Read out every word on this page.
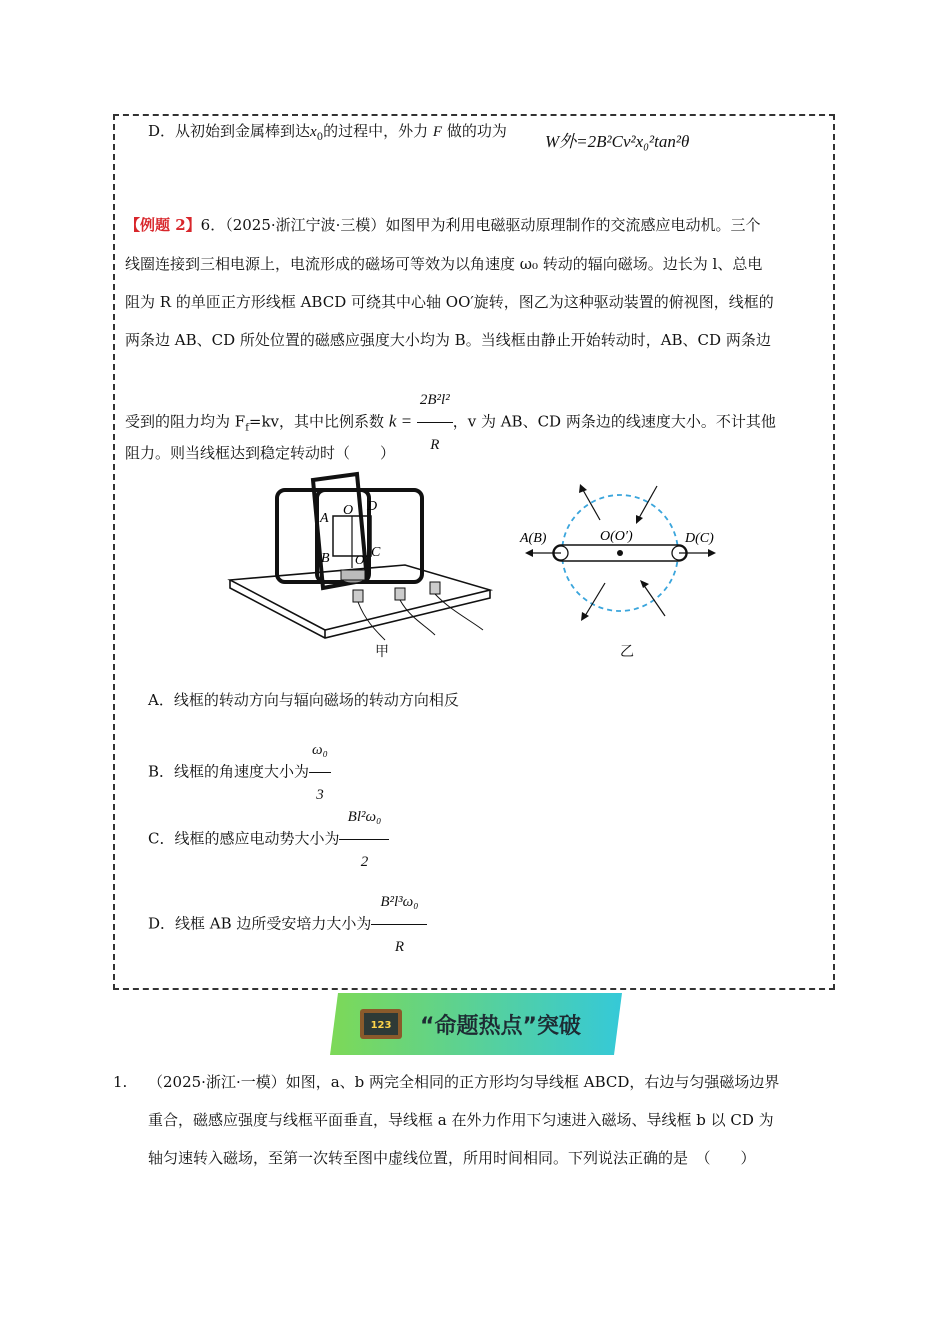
D．从初始到金属棒到达$x_0$的过程中，外力 F 做的功为
W外=2B²Cv²x₀²tan²θ
【例题 2】6．（2025·浙江宁波·三模）如图甲为利用电磁驱动原理制作的交流感应电动机。三个
线圈连接到三相电源上，电流形成的磁场可等效为以角速度 ω₀ 转动的辐向磁场。边长为 l、总电
阻为 R 的单匝正方形线框 ABCD 可绕其中心轴 OO′旋转，图乙为这种驱动装置的俯视图，线框的
两条边 AB、CD 所处位置的磁感应强度大小均为 B。当线框由静止开始转动时，AB、CD 两条边
受到的阻力均为 $F_f=kv$，其中比例系数 $k = \frac{\text{2B²l²}}{R}$ ，v 为 AB、CD 两条边的线速度大小。不计其他
阻力。则当线框达到稳定转动时（　　）
A
O D
B O′ C
甲
A(B)	O(O′)	D(C)
乙
A．线框的转动方向与辐向磁场的转动方向相反
B．线框的角速度大小为 $\frac{\text{ω₀}}{3}$
C．线框的感应电动势大小为 $\frac{\text{Bl²ω₀}}{2}$
D．线框 AB 边所受安培力大小为 $\frac{\text{B²l³ω₀}}{R}$
123 “命题热点”突破
1. （2025·浙江·一模）如图，a、b 两完全相同的正方形均匀导线框 ABCD，右边与匀强磁场边界
重合，磁感应强度与线框平面垂直，导线框 a 在外力作用下匀速进入磁场、导线框 b 以 CD 为
轴匀速转入磁场，至第一次转至图中虚线位置，所用时间相同。下列说法正确的是　（　　）
